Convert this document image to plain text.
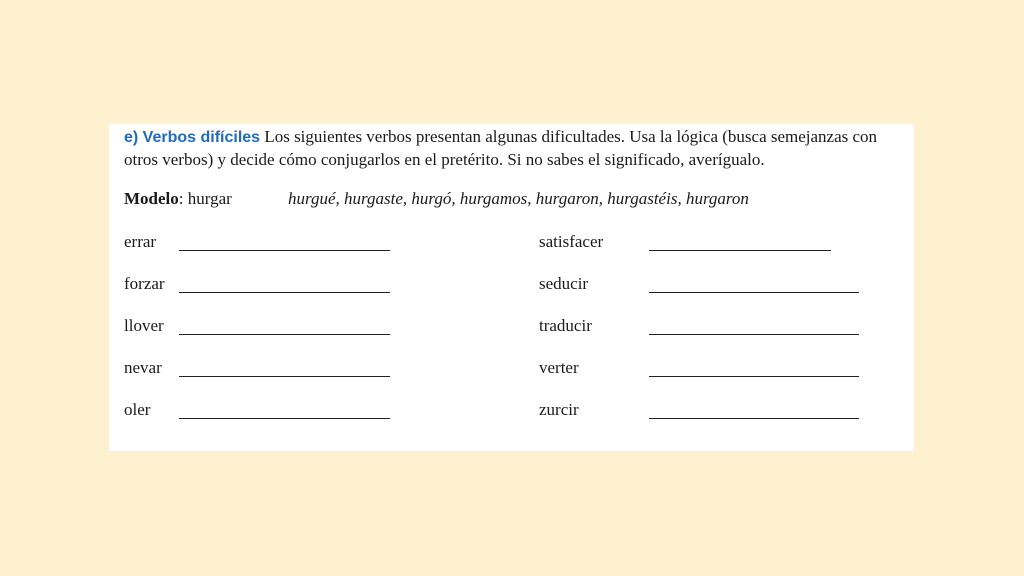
e) Verbos difíciles Los siguientes verbos presentan algunas dificultades. Usa la lógica (busca semejanzas con otros verbos) y decide cómo conjugarlos en el pretérito. Si no sabes el significado, averígualo.
Modelo: hurgar	hurgué, hurgaste, hurgó, hurgamos, hurgaron, hurgastéis, hurgaron
errar
forzar
llover
nevar
oler
satisfacer
seducir
traducir
verter
zurcir
